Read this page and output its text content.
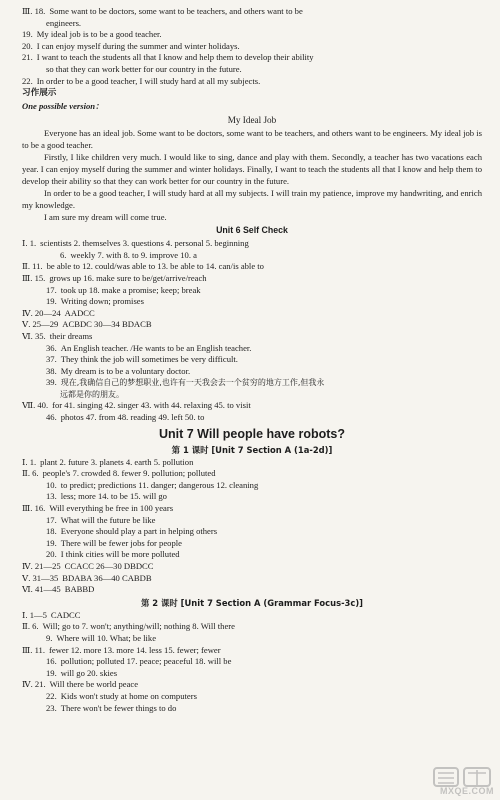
Ⅲ. 18. Some want to be doctors, some want to be teachers, and others want to be
engineers.
19. My ideal job is to be a good teacher.
20. I can enjoy myself during the summer and winter holidays.
21. I want to teach the students all that I know and help them to develop their ability
so that they can work better for our country in the future.
22. In order to be a good teacher, I will study hard at all my subjects.
习作展示
One possible version：
My Ideal Job

Everyone has an ideal job. Some want to be doctors, some want to be teachers, and others want to be engineers. My ideal job is to be a good teacher.

Firstly, I like children very much. I would like to sing, dance and play with them. Secondly, a teacher has two vacations each year. I can enjoy myself during the summer and winter holidays. Finally, I want to teach the students all that I know and help them to develop their ability so that they can work better for our country in the future.

In order to be a good teacher, I will study hard at all my subjects. I will train my patience, improve my handwriting, and enrich my knowledge.

I am sure my dream will come true.

Unit 6 Self Check
Ⅰ. 1. scientists 2. themselves 3. questions 4. personal 5. beginning
6. weekly 7. with 8. to 9. improve 10. a
Ⅱ. 11. be able to 12. could/was able to 13. be able to 14. can/is able to
Ⅲ. 15. grows up 16. make sure to be/get/arrive/reach
17. took up 18. make a promise; keep; break
19. Writing down; promises
Ⅳ. 20—24 AADCC
Ⅴ. 25—29 ACBDC 30—34 BDACB
Ⅵ. 35. their dreams
36. An English teacher. /He wants to be an English teacher.
37. They think the job will sometimes be very difficult.
38. My dream is to be a voluntary doctor.
39. 现在,我确信自己的梦想职业,也许有一天我会去一个贫穷的地方工作,但我永
远都是你的朋友。
Ⅶ. 40. for 41. singing 42. singer 43. with 44. relaxing 45. to visit
46. photos 47. from 48. reading 49. left 50. to
Unit 7 Will people have robots?
第 1 课时 [Unit 7 Section A (1a-2d)]
Ⅰ. 1. plant 2. future 3. planets 4. earth 5. pollution
Ⅱ. 6. people's 7. crowded 8. fewer 9. pollution; polluted
10. to predict; predictions 11. danger; dangerous 12. cleaning
13. less; more 14. to be 15. will go
Ⅲ. 16. Will everything be free in 100 years
17. What will the future be like
18. Everyone should play a part in helping others
19. There will be fewer jobs for people
20. I think cities will be more polluted
Ⅳ. 21—25 CCACC 26—30 DBDCC
Ⅴ. 31—35 BDABA 36—40 CABDB
Ⅵ. 41—45 BABBD
第 2 课时 [Unit 7 Section A (Grammar Focus-3c)]
Ⅰ. 1—5 CADCC
Ⅱ. 6. Will; go to 7. won't; anything/will; nothing 8. Will there
9. Where will 10. What; be like
Ⅲ. 11. fewer 12. more 13. more 14. less 15. fewer; fewer
16. pollution; polluted 17. peace; peaceful 18. will be
19. will go 20. skies
Ⅳ. 21. Will there be world peace
22. Kids won't study at home on computers
23. There won't be fewer things to do
MXQE.COM
